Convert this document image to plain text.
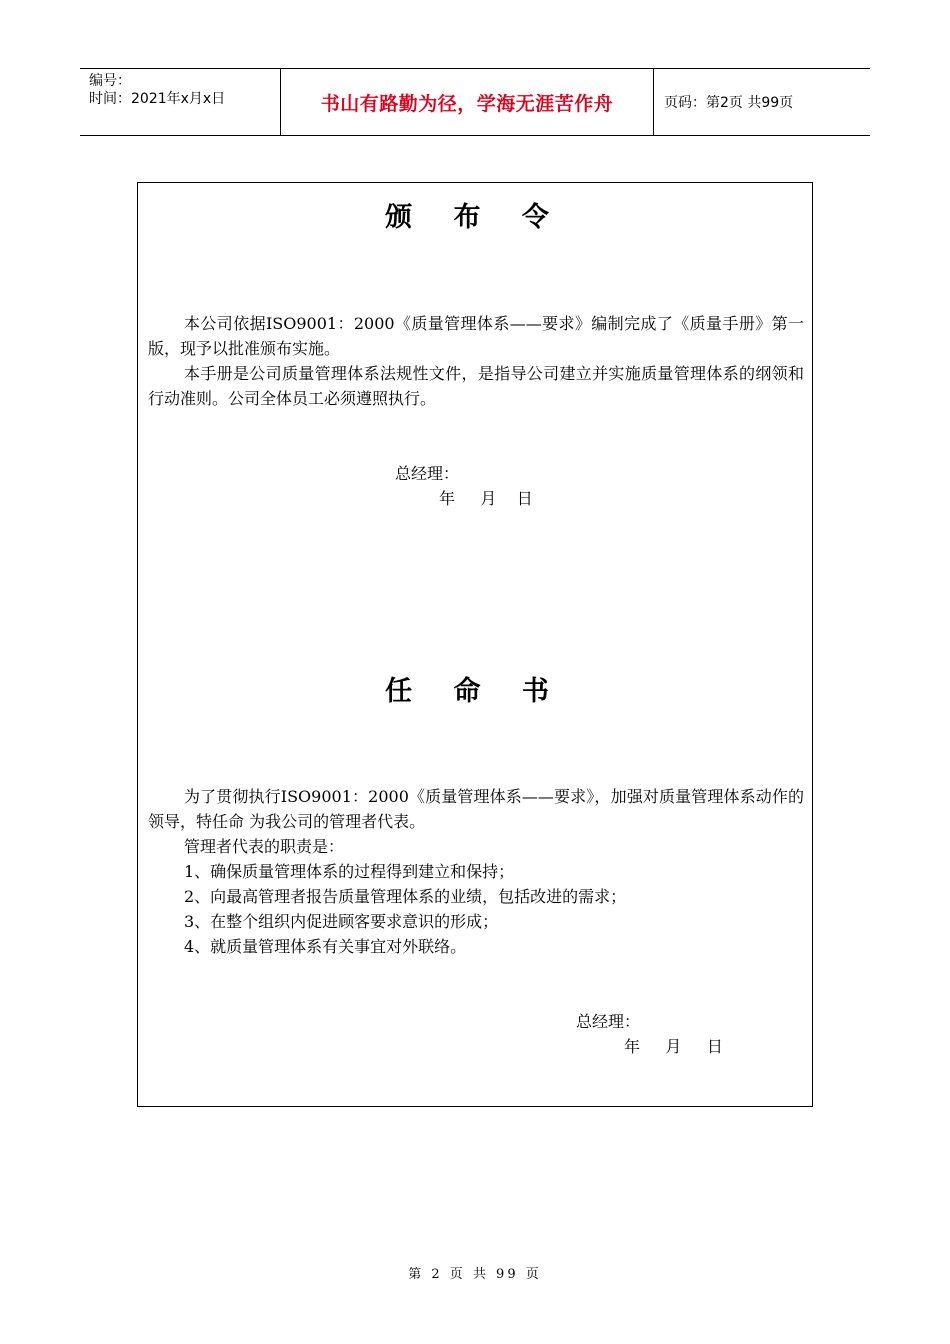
编号：
时间：2021年x月x日	书山有路勤为径，学海无涯苦作舟	页码：第2页 共99页
颁 布 令
本公司依据ISO9001：2000《质量管理体系——要求》编制完成了《质量手册》第一版，现予以批准颁布实施。
本手册是公司质量管理体系法规性文件，是指导公司建立并实施质量管理体系的纲领和行动准则。公司全体员工必须遵照执行。
总经理：
年     月    日
任 命 书
为了贯彻执行ISO9001：2000《质量管理体系——要求》，加强对质量管理体系动作的领导，特任命 为我公司的管理者代表。
管理者代表的职责是：
1、确保质量管理体系的过程得到建立和保持；
2、向最高管理者报告质量管理体系的业绩，包括改进的需求；
3、在整个组织内促进顾客要求意识的形成；
4、就质量管理体系有关事宜对外联络。
总经理：
年     月     日
第 2 页 共 99 页
